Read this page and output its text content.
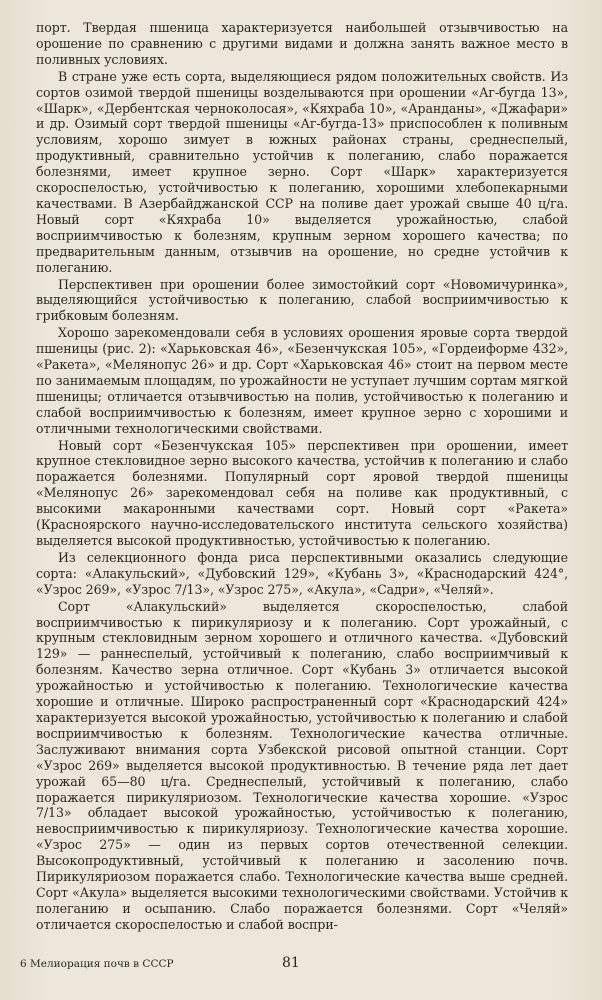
порт. Твердая пшеница характеризуется наибольшей отзывчивостью на орошение по сравнению с другими видами и должна занять важное место в поливных условиях.

В стране уже есть сорта, выделяющиеся рядом положительных свойств. Из сортов озимой твердой пшеницы возделываются при орошении «Аг-бугда 13», «Шарк», «Дербентская черноколосая», «Кяхраба 10», «Аранданы», «Джафари» и др. Озимый сорт твердой пшеницы «Аг-бугда-13» приспособлен к поливным условиям, хорошо зимует в южных районах страны, среднеспелый, продуктивный, сравнительно устойчив к полеганию, слабо поражается болезнями, имеет крупное зерно. Сорт «Шарк» характеризуется скороспелостью, устойчивостью к полеганию, хорошими хлебопекарными качествами. В Азербайджанской ССР на поливе дает урожай свыше 40 ц/га. Новый сорт «Кяхраба 10» выделяется урожайностью, слабой восприимчивостью к болезням, крупным зерном хорошего качества; по предварительным данным, отзывчив на орошение, но средне устойчив к полеганию.

Перспективен при орошении более зимостойкий сорт «Новомичуринка», выделяющийся устойчивостью к полеганию, слабой восприимчивостью к грибковым болезням.

Хорошо зарекомендовали себя в условиях орошения яровые сорта твердой пшеницы (рис. 2): «Харьковская 46», «Безенчукская 105», «Гордеиформе 432», «Ракета», «Мелянопус 26» и др. Сорт «Харьковская 46» стоит на первом месте по занимаемым площадям, по урожайности не уступает лучшим сортам мягкой пшеницы; отличается отзывчивостью на полив, устойчивостью к полеганию и слабой восприимчивостью к болезням, имеет крупное зерно с хорошими и отличными технологическими свойствами.

Новый сорт «Безенчукская 105» перспективен при орошении, имеет крупное стекловидное зерно высокого качества, устойчив к полеганию и слабо поражается болезнями. Популярный сорт яровой твердой пшеницы «Мелянопус 26» зарекомендовал себя на поливе как продуктивный, с высокими макаронными качествами сорт. Новый сорт «Ракета» (Красноярского научно-исследовательского института сельского хозяйства) выделяется высокой продуктивностью, устойчивостью к полеганию.

Из селекционного фонда риса перспективными оказались следующие сорта: «Алакульский», «Дубовский 129», «Кубань 3», «Краснодарский 424°, «Узрос 269», «Узрос 7/13», «Узрос 275», «Акула», «Садри», «Челяй».

Сорт «Алакульский» выделяется скороспелостью, слабой восприимчивостью к пирикуляриозу и к полеганию. Сорт урожайный, с крупным стекловидным зерном хорошего и отличного качества. «Дубовский 129» — раннеспелый, устойчивый к полеганию, слабо восприимчивый к болезням. Качество зерна отличное. Сорт «Кубань 3» отличается высокой урожайностью и устойчивостью к полеганию. Технологические качества хорошие и отличные. Широко распространенный сорт «Краснодарский 424» характеризуется высокой урожайностью, устойчивостью к полеганию и слабой восприимчивостью к болезням. Технологические качества отличные. Заслуживают внимания сорта Узбекской рисовой опытной станции. Сорт «Узрос 269» выделяется высокой продуктивностью. В течение ряда лет дает урожай 65—80 ц/га. Среднеспелый, устойчивый к полеганию, слабо поражается пирикуляриозом. Технологические качества хорошие. «Узрос 7/13» обладает высокой урожайностью, устойчивостью к полеганию, невосприимчивостью к пирикуляриозу. Технологические качества хорошие. «Узрос 275» — один из первых сортов отечественной селекции. Высокопродуктивный, устойчивый к полеганию и засолению почв. Пирикуляриозом поражается слабо. Технологические качества выше средней. Сорт «Акула» выделяется высокими технологическими свойствами. Устойчив к полеганию и осыпанию. Слабо поражается болезнями. Сорт «Челяй» отличается скороспелостью и слабой воспри-

6 Мелиорация почв в СССР	81
